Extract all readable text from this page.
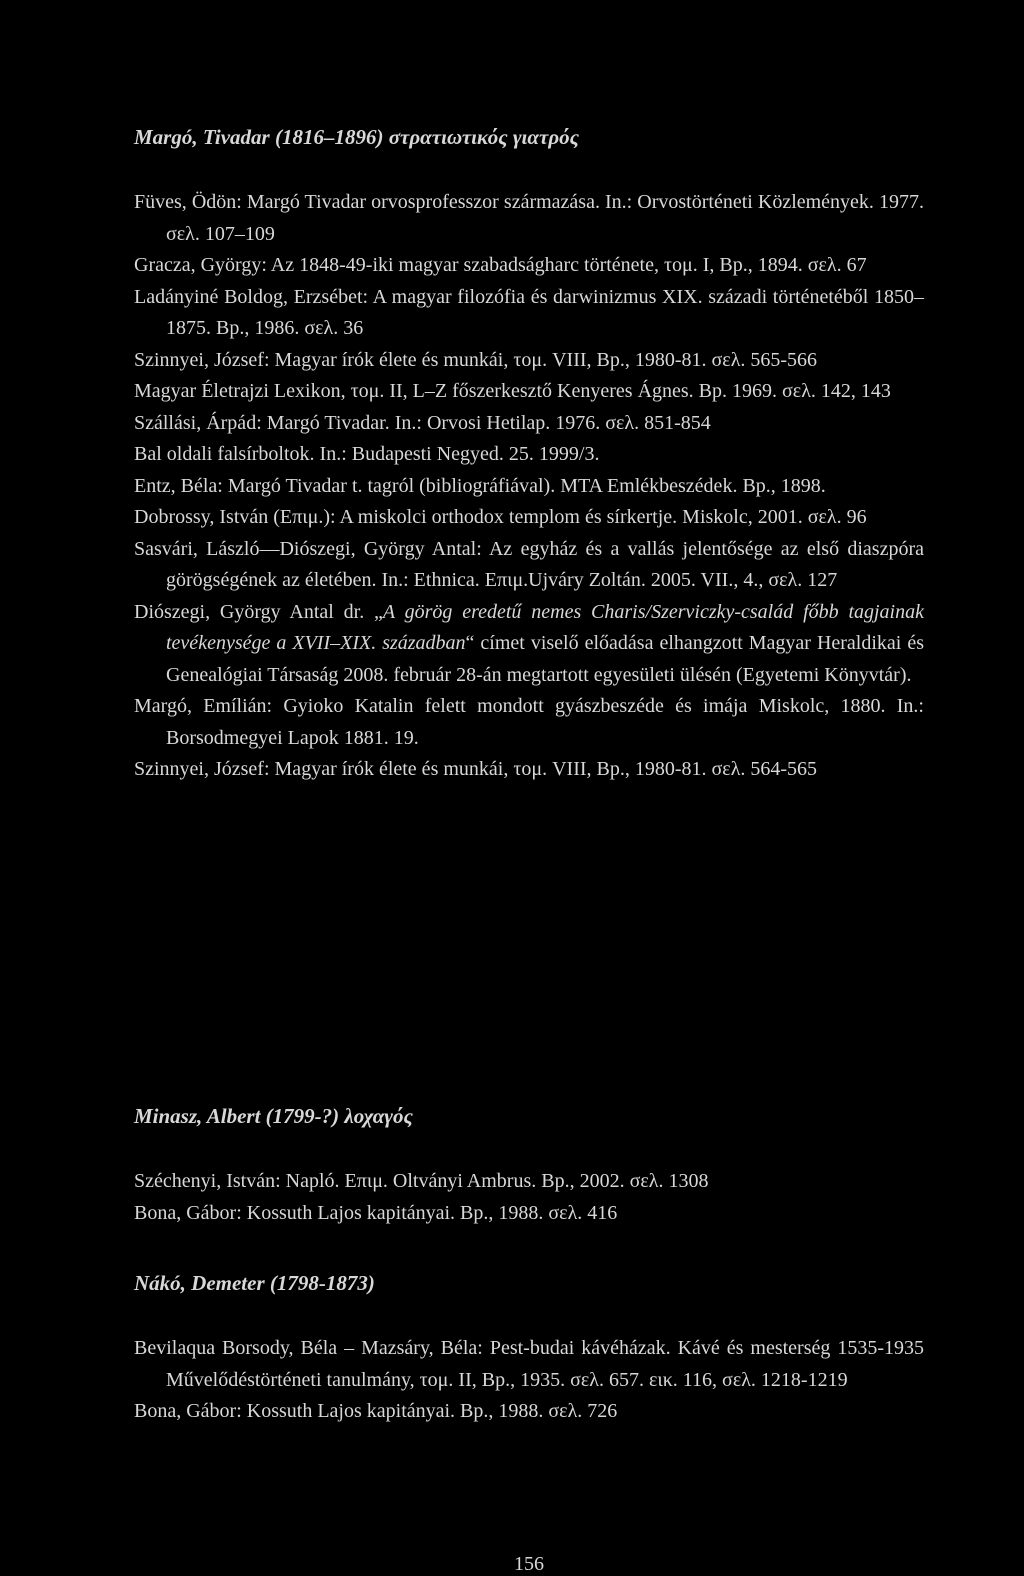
Margó, Tivadar (1816–1896) στρατιωτικός γιατρός
Füves, Ödön: Margó Tivadar orvosprofesszor származása. In.: Orvostörténeti Közlemények. 1977. σελ. 107–109
Gracza, György: Az 1848-49-iki magyar szabadságharc története, τομ. I, Bp., 1894. σελ. 67
Ladányiné Boldog, Erzsébet: A magyar filozófia és darwinizmus XIX. századi történetéből 1850–1875. Bp., 1986. σελ. 36
Szinnyei, József: Magyar írók élete és munkái, τομ. VIII, Bp., 1980-81. σελ. 565-566
Magyar Életrajzi Lexikon, τομ. II, L–Z főszerkesztő Kenyeres Ágnes. Bp. 1969. σελ. 142, 143
Szállási, Árpád: Margó Tivadar. In.: Orvosi Hetilap. 1976. σελ. 851-854
Bal oldali falsírboltok. In.: Budapesti Negyed. 25. 1999/3.
Entz, Béla: Margó Tivadar t. tagról (bibliográfiával). MTA Emlékbeszédek. Bp., 1898.
Dobrossy, István (Επιμ.): A miskolci orthodox templom és sírkertje. Miskolc, 2001. σελ. 96
Sasvári, László—Diószegi, György Antal: Az egyház és a vallás jelentősége az első diaszpóra görögségének az életében. In.: Ethnica. Επιμ.Ujváry Zoltán. 2005. VII., 4., σελ. 127
Diószegi, György Antal dr. „A görög eredetű nemes Charis/Szerviczky-család főbb tagjainak tevékenysége a XVII–XIX. században“ címet viselő előadása elhangzott Magyar Heraldikai és Genealógiai Társaság 2008. február 28-án megtartott egyesületi ülésén (Egyetemi Könyvtár).
Margó, Emílián: Gyioko Katalin felett mondott gyászbeszéde és imája Miskolc, 1880. In.: Borsodmegyei Lapok 1881. 19.
Szinnyei, József: Magyar írók élete és munkái, τομ. VIII, Bp., 1980-81. σελ. 564-565
Minasz, Albert (1799-?) λοχαγός
Széchenyi, István: Napló. Επιμ. Oltványi Ambrus. Bp., 2002. σελ. 1308
Bona, Gábor: Kossuth Lajos kapitányai. Bp., 1988. σελ. 416
Nákó, Demeter (1798-1873)
Bevilaqua Borsody, Béla – Mazsáry, Béla: Pest-budai kávéházak. Kávé és mesterség 1535-1935 Művelődéstörténeti tanulmány, τομ. II, Bp., 1935. σελ. 657. εικ. 116, σελ. 1218-1219
Bona, Gábor: Kossuth Lajos kapitányai. Bp., 1988. σελ. 726
156
